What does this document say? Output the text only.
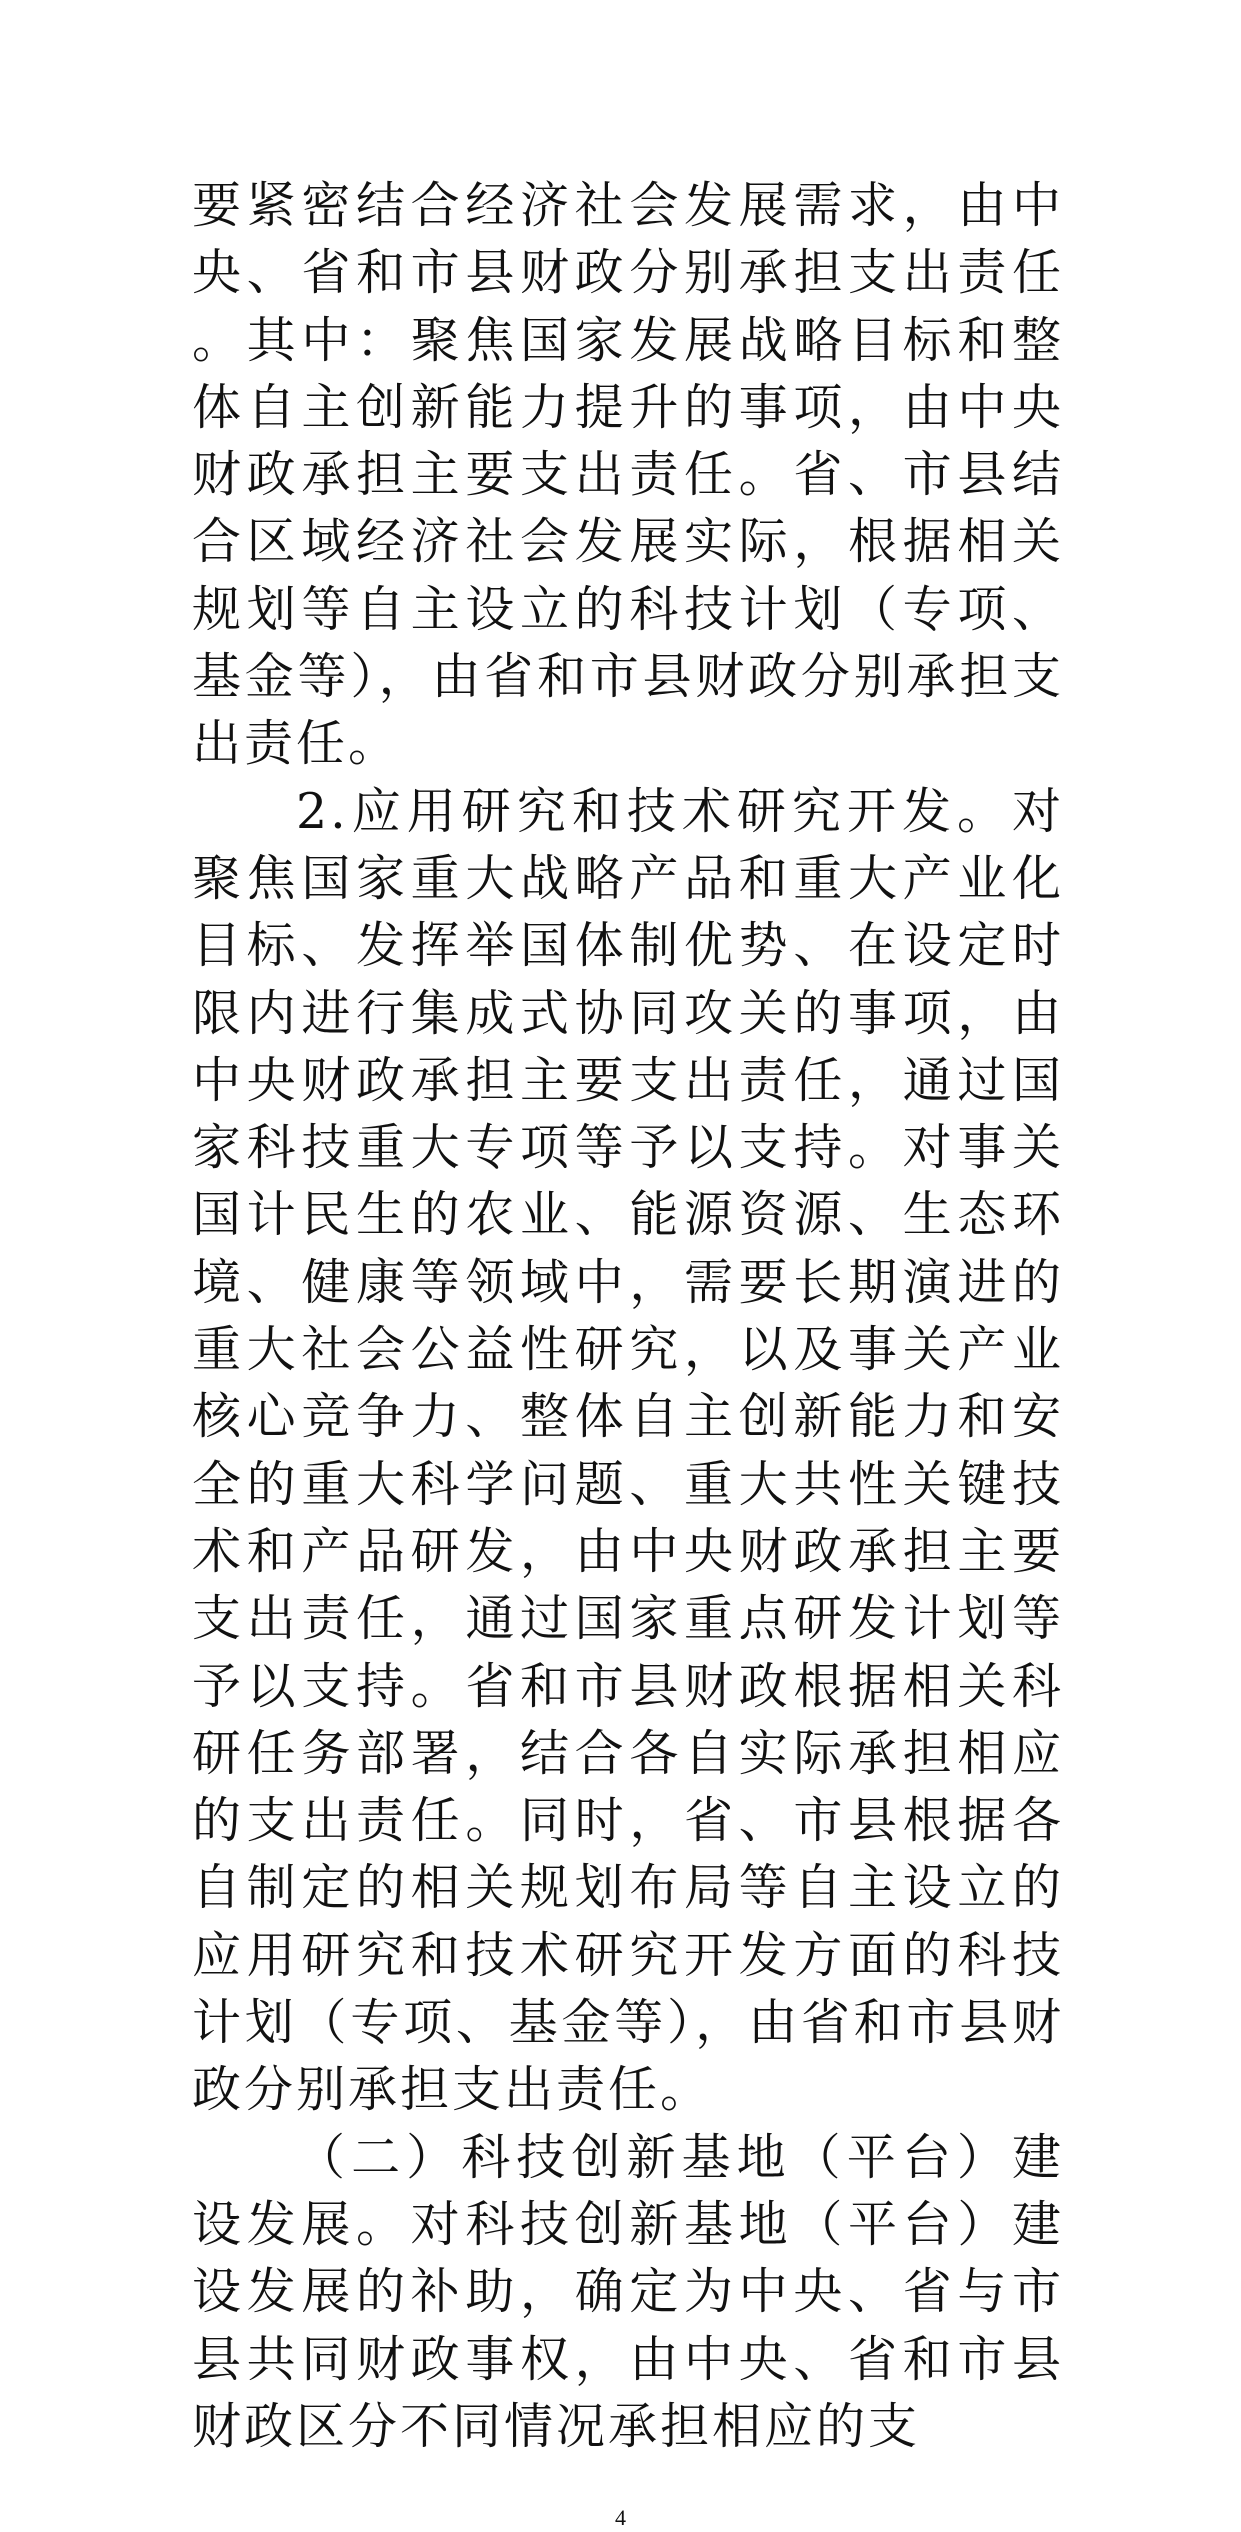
要紧密结合经济社会发展需求，由中央、省和市县财政分别承担支出责任。其中：聚焦国家发展战略目标和整体自主创新能力提升的事项，由中央财政承担主要支出责任。省、市县结合区域经济社会发展实际，根据相关规划等自主设立的科技计划（专项、基金等），由省和市县财政分别承担支出责任。

2.应用研究和技术研究开发。对聚焦国家重大战略产品和重大产业化目标、发挥举国体制优势、在设定时限内进行集成式协同攻关的事项，由中央财政承担主要支出责任，通过国家科技重大专项等予以支持。对事关国计民生的农业、能源资源、生态环境、健康等领域中，需要长期演进的重大社会公益性研究，以及事关产业核心竞争力、整体自主创新能力和安全的重大科学问题、重大共性关键技术和产品研发，由中央财政承担主要支出责任，通过国家重点研发计划等予以支持。省和市县财政根据相关科研任务部署，结合各自实际承担相应的支出责任。同时，省、市县根据各自制定的相关规划布局等自主设立的应用研究和技术研究开发方面的科技计划（专项、基金等），由省和市县财政分别承担支出责任。

（二）科技创新基地（平台）建设发展。对科技创新基地（平台）建设发展的补助，确定为中央、省与市县共同财政事权，由中央、省和市县财政区分不同情况承担相应的支

4
